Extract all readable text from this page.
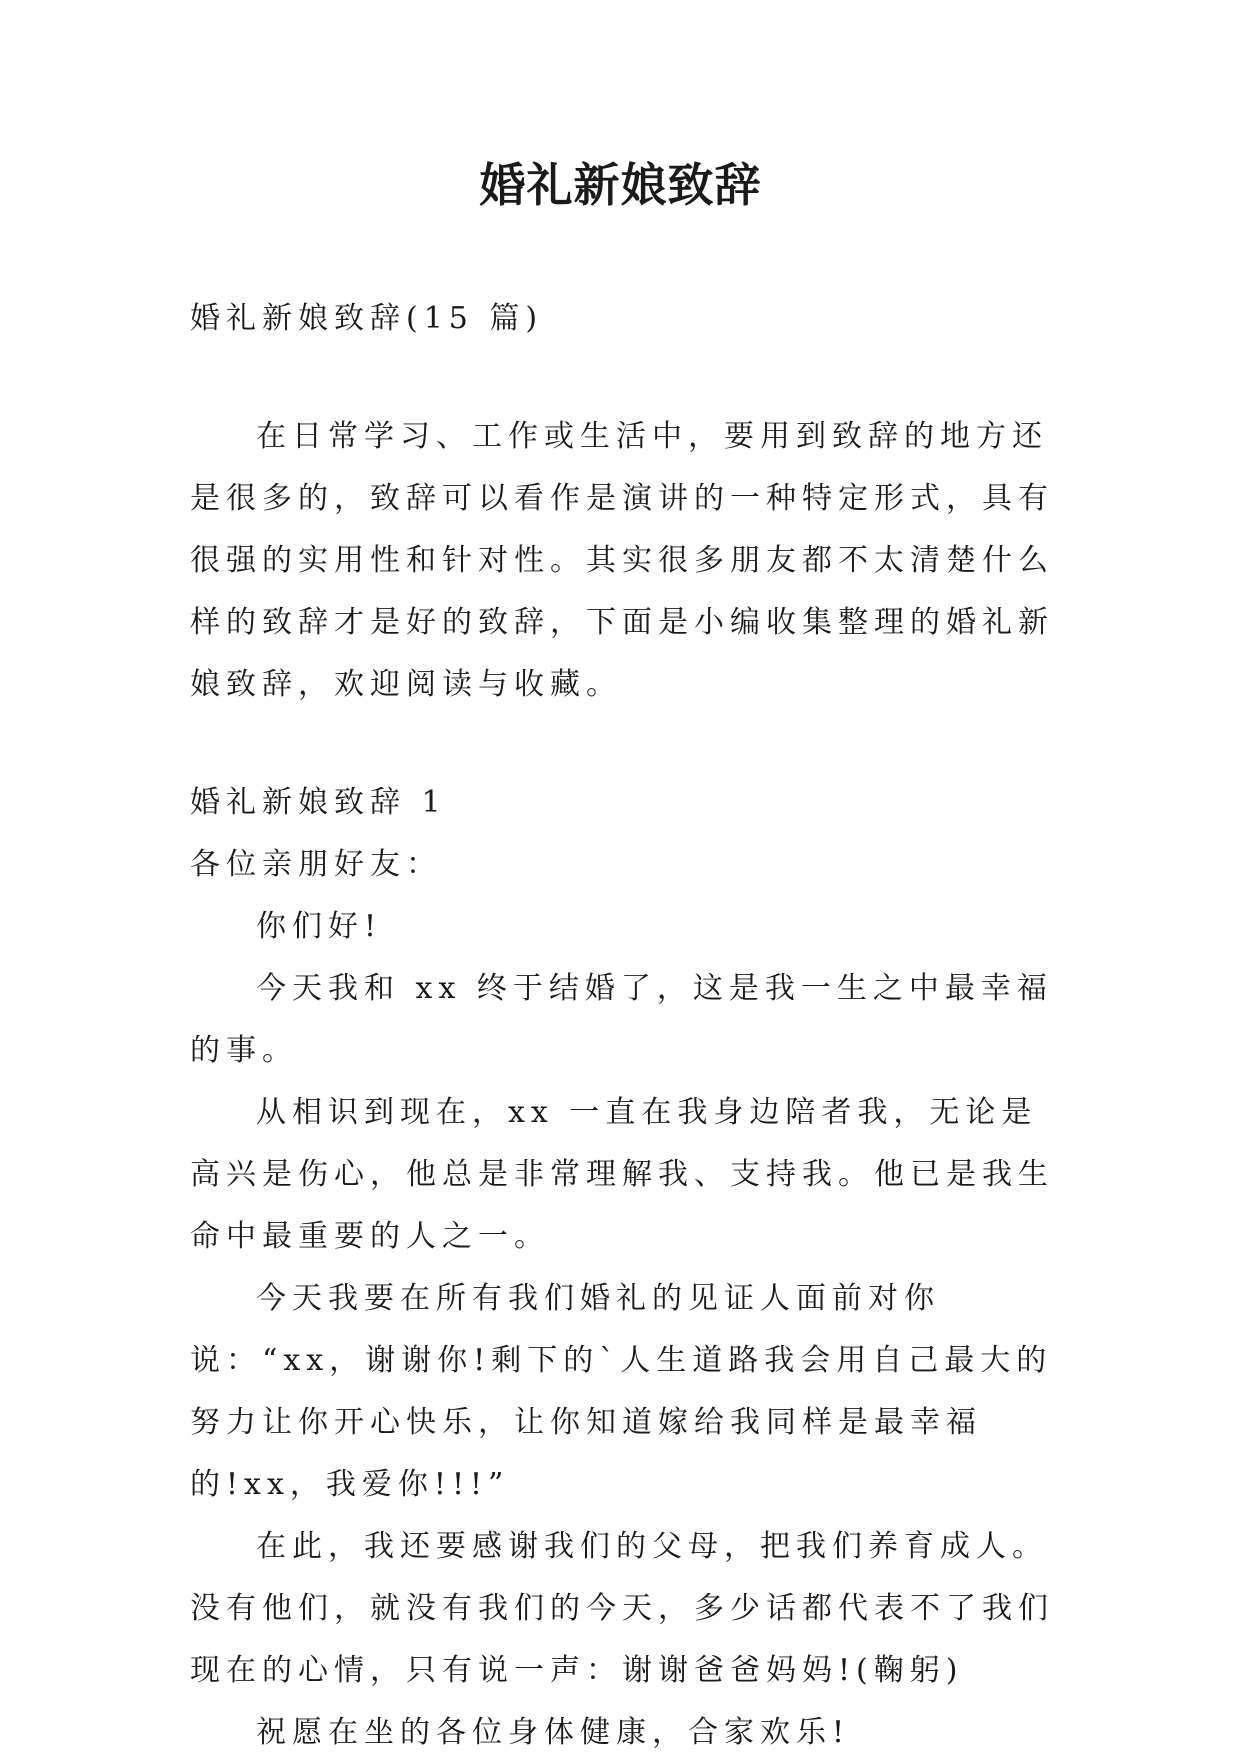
婚礼新娘致辞

婚礼新娘致辞(15 篇)

在日常学习、工作或生活中，要用到致辞的地方还是很多的，致辞可以看作是演讲的一种特定形式，具有很强的实用性和针对性。其实很多朋友都不太清楚什么样的致辞才是好的致辞，下面是小编收集整理的婚礼新娘致辞，欢迎阅读与收藏。

婚礼新娘致辞 1

各位亲朋好友：

你们好!

今天我和 xx 终于结婚了，这是我一生之中最幸福的事。

从相识到现在，xx 一直在我身边陪者我，无论是高兴是伤心，他总是非常理解我、支持我。他已是我生命中最重要的人之一。

今天我要在所有我们婚礼的见证人面前对你说：“xx，谢谢你!剩下的`人生道路我会用自己最大的努力让你开心快乐，让你知道嫁给我同样是最幸福的!xx，我爱你!!!”

在此，我还要感谢我们的父母，把我们养育成人。没有他们，就没有我们的今天，多少话都代表不了我们现在的心情，只有说一声：谢谢爸爸妈妈!(鞠躬)

祝愿在坐的各位身体健康，合家欢乐!
